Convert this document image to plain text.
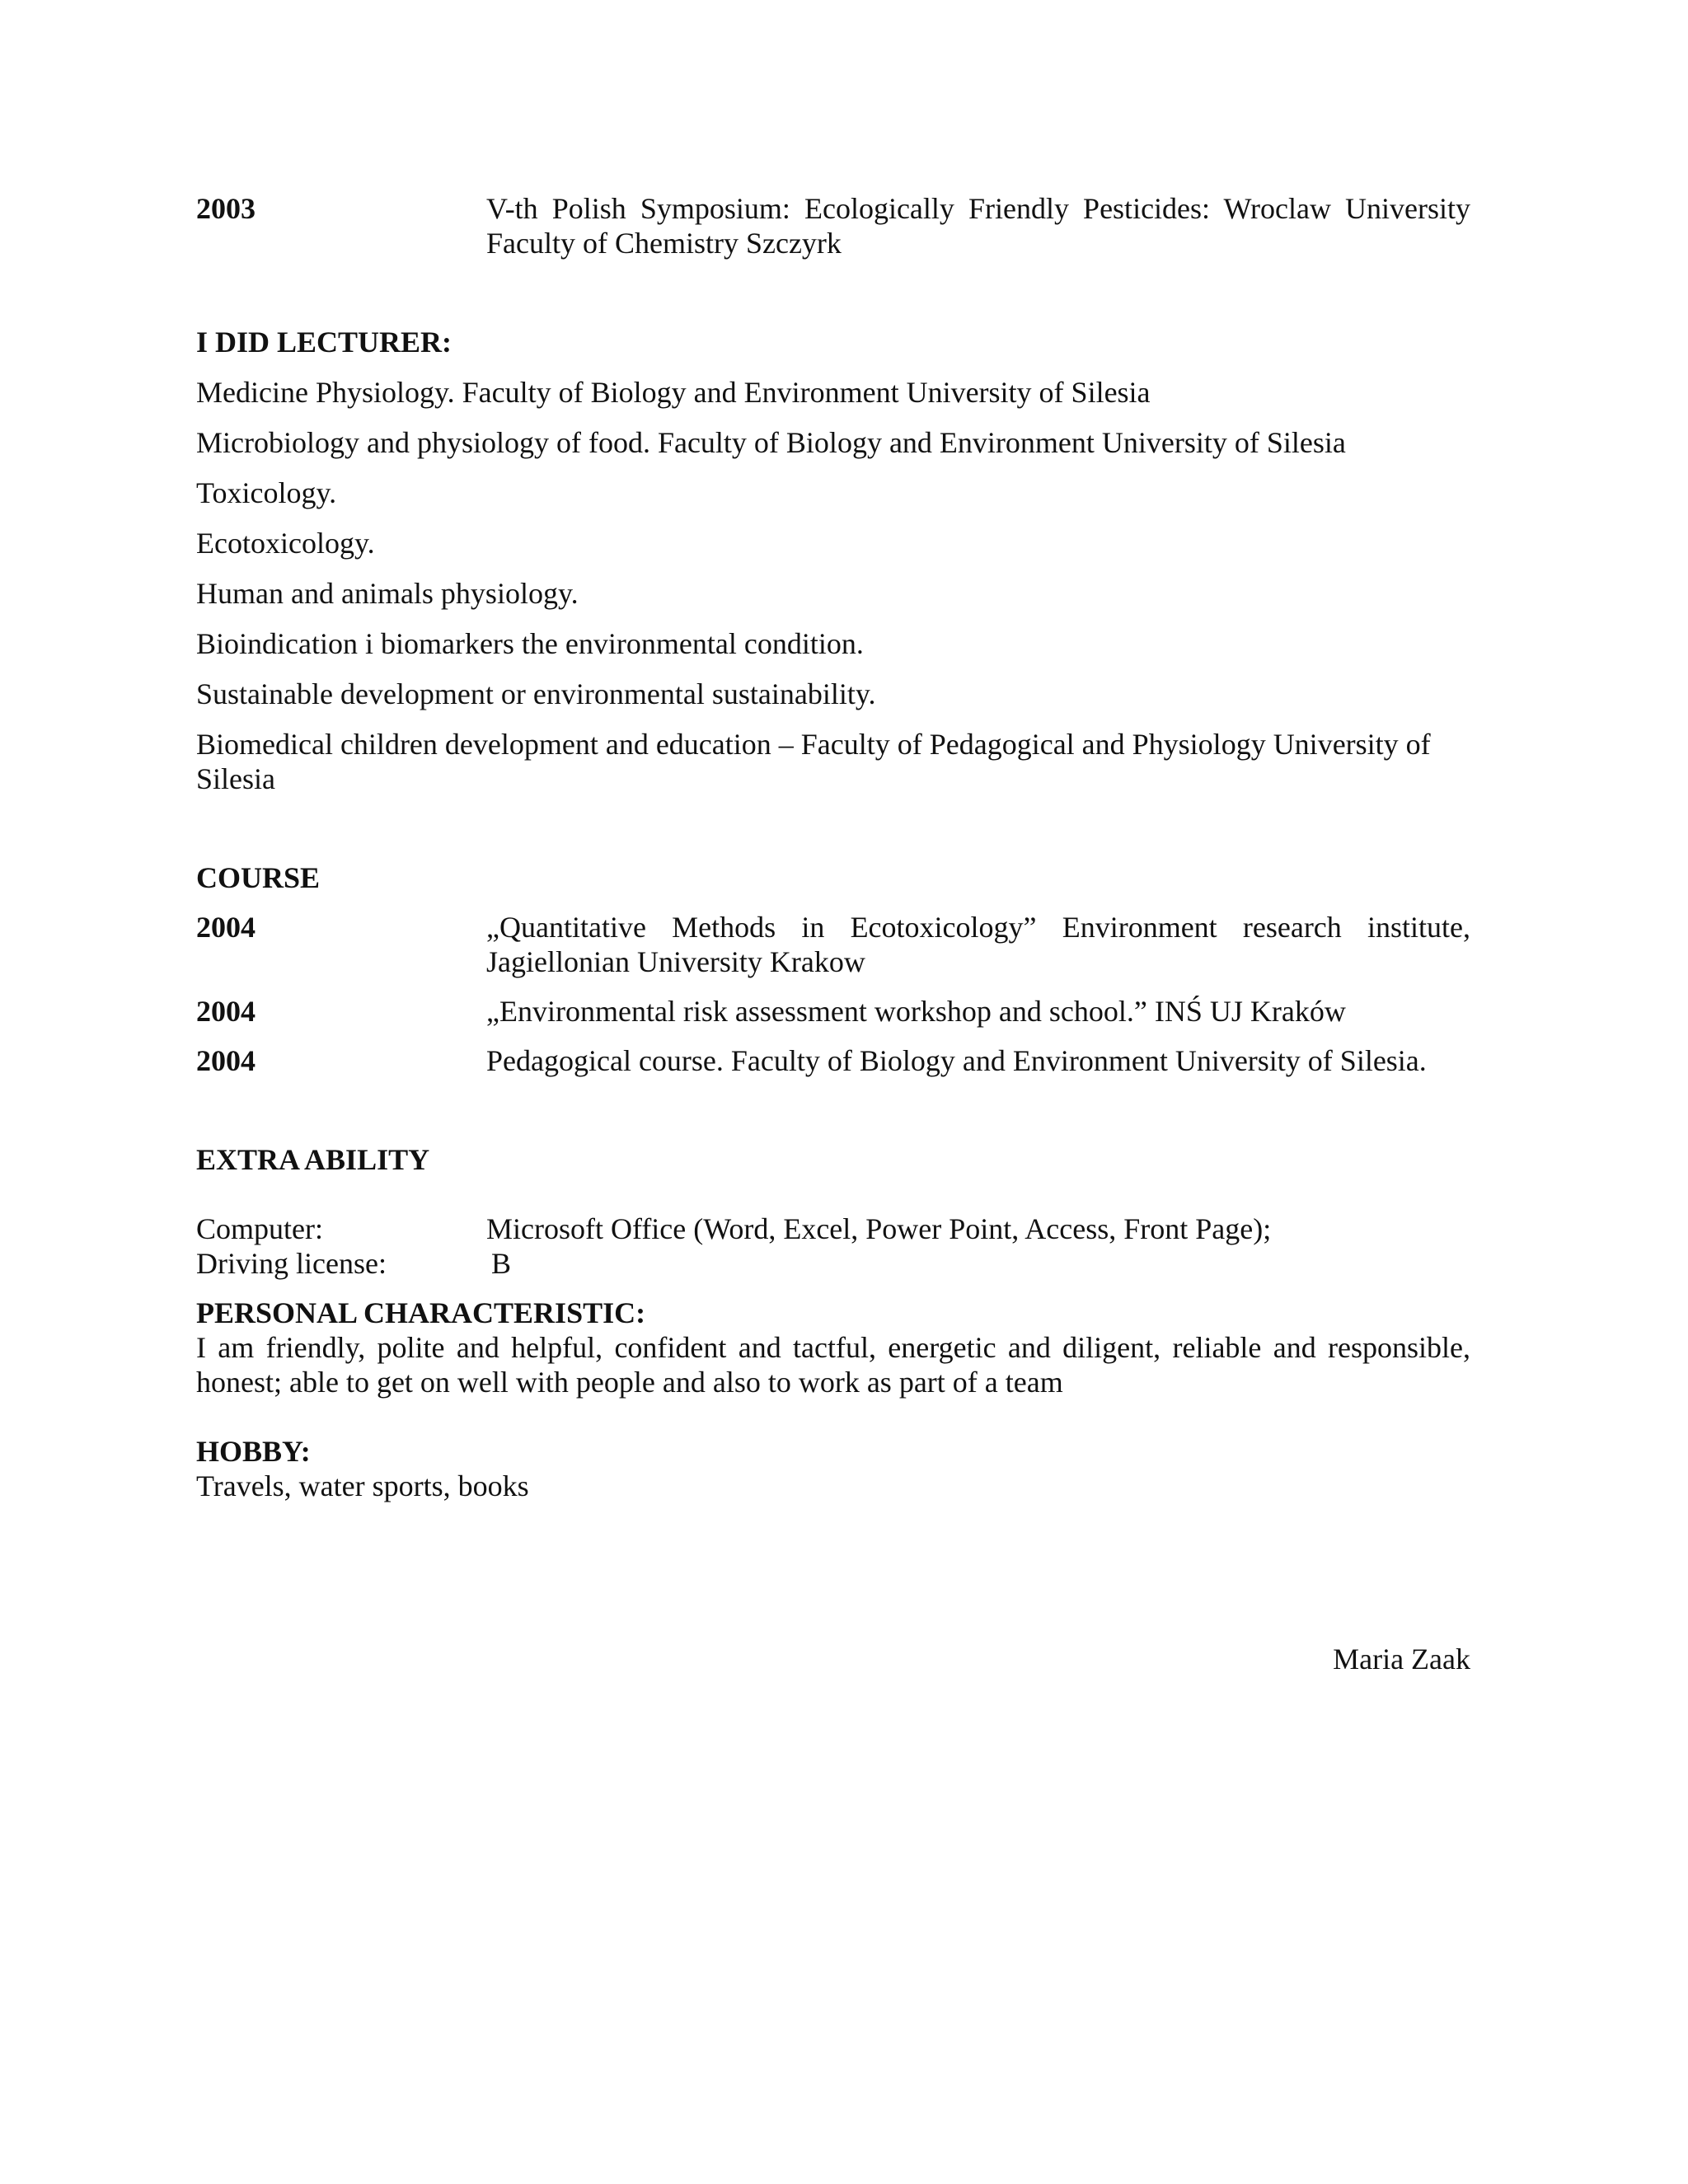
2003	V-th Polish Symposium: Ecologically Friendly Pesticides: Wroclaw University Faculty of Chemistry Szczyrk
I DID LECTURER:
Medicine Physiology. Faculty of Biology and Environment University of Silesia
Microbiology and physiology of food. Faculty of Biology and Environment University of Silesia
Toxicology.
Ecotoxicology.
Human and animals physiology.
Bioindication i biomarkers the environmental condition.
Sustainable development or environmental sustainability.
Biomedical children development and education – Faculty of Pedagogical and Physiology University of Silesia
COURSE
2004	„Quantitative Methods in Ecotoxicology” Environment research institute, Jagiellonian University Krakow
2004	„Environmental risk assessment workshop and school.” INŚ UJ Kraków
2004	Pedagogical course. Faculty of Biology and Environment University of Silesia.
EXTRA ABILITY
Computer:	Microsoft Office (Word, Excel, Power Point, Access, Front Page);
Driving license:	B
PERSONAL CHARACTERISTIC:
I am friendly, polite and helpful, confident and tactful, energetic and diligent, reliable and responsible, honest; able to get on well with people and also to work as part of a team
HOBBY:
Travels, water sports, books
Maria Zaak
